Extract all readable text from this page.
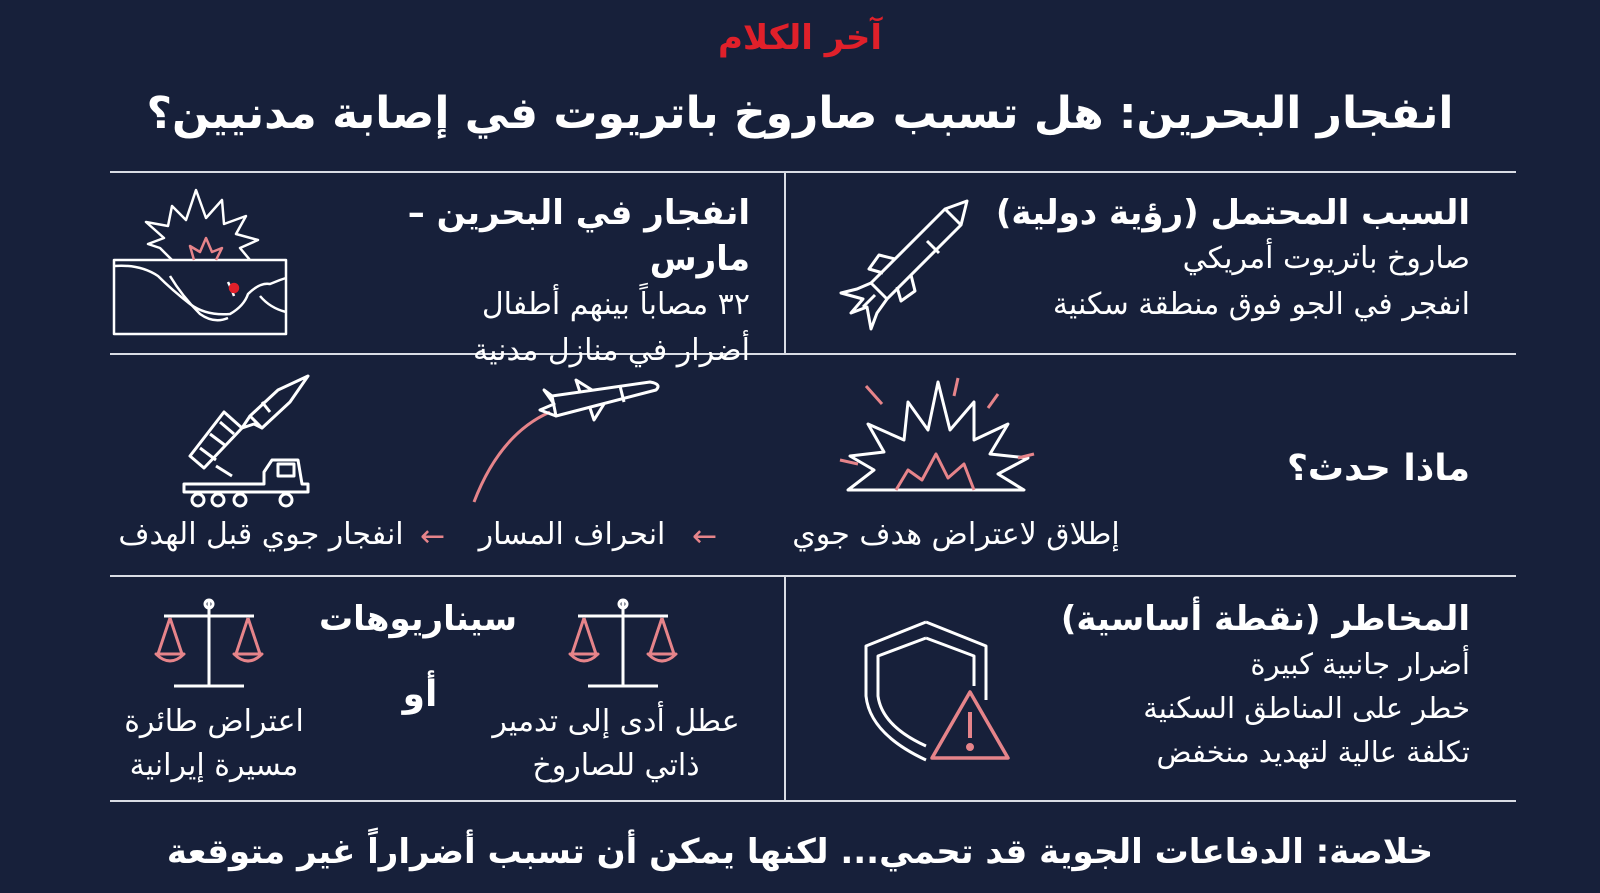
آخر الكلام
انفجار البحرين: هل تسبب صاروخ باتريوت في إصابة مدنيين؟
السبب المحتمل (رؤية دولية)
صاروخ باتريوت أمريكي
انفجر في الجو فوق منطقة سكنية
انفجار في البحرين – مارس
٣٢ مصاباً بينهم أطفال
أضرار في منازل مدنية
ماذا حدث؟
إطلاق لاعتراض هدف جوي
←
انحراف المسار
←
انفجار جوي قبل الهدف
المخاطر (نقطة أساسية)
أضرار جانبية كبيرة
خطر على المناطق السكنية
تكلفة عالية لتهديد منخفض
سيناريوهات
أو
عطل أدى إلى تدمير
ذاتي للصاروخ
اعتراض طائرة
مسيرة إيرانية
خلاصة: الدفاعات الجوية قد تحمي... لكنها يمكن أن تسبب أضراراً غير متوقعة
